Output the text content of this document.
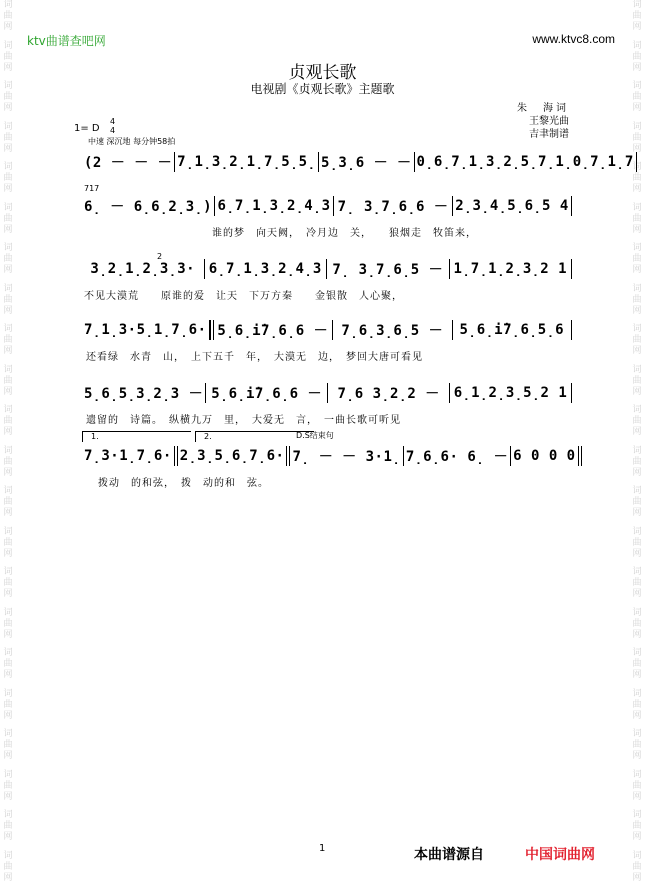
词
曲
网
词
曲
网
词
曲
网
词
曲
网
词
曲
网
词
曲
网
词
曲
网
词
曲
网
词
曲
网
词
曲
网
词
曲
网
词
曲
网
词
曲
网
词
曲
网
词
曲
网
词
曲
网
词
曲
网
词
曲
网
词
曲
网
词
曲
网
词
曲
网
词
曲
网
词
曲
网
词
曲
网
词
曲
网
词
曲
网
词
曲
网
词
曲
网
词
曲
网
词
曲
网
词
曲
网
词
曲
网
词
曲
网
词
曲
网
词
曲
网
词
曲
网
词
曲
网
词
曲
网
词
曲
网
词
曲
网
词
曲
网
词
曲
网
词
曲
网
词
曲
网
ktv曲谱查吧网	www.ktvc8.com
贞观长歌
电视剧《贞观长歌》主题歌
朱　海词
王黎光曲
吉聿制谱
1= D
4
4
中速 深沉地 每分钟58拍
717
2
1.	2.	D.S结束句
(2 － － － 7̣1̣3̣2̣1̣7̣5̣5̣ 5̣3̣6 － － 0̣6̣7̣1̣3̣2̣5̣7̣1̣0̣7̣1̣7
6̣ － 6̣6̣2̣3̣) 6̣7̣1̣3̣2̣4̣3 7̣ 3̣7̣6̣6 － 2̣3̣4̣5̣6̣5 4
3̣2̣1̣2̣3̣3· 6̣7̣1̣3̣2̣4̣3 7̣ 3̣7̣6̣5 － 1̣7̣1̣2̣3̣2 1
7̣1̣3·5̣1̣7̣6· 5̣6̣i̇7̣6̣6 － 7̣6̣3̣6̣5 －	5̣6̣i̇7̣6̣5̣6
5̣6̣5̣3̣2̣3 － 5̣6̣i̇7̣6̣6 －	7̣6 3̣2̣2 －	6̣1̣2̣3̣5̣2 1
7̣3·1̣7̣6· 2̣3̣5̣6̣7̣6· 7̣ － － 3·1̣ 7̣6̣6· 6̣ － 6 0 0 0
谁的梦　向天阙，　冷月边　关，　　狼烟走　牧笛来，
不见大漠荒　　原谁的爱　让天　下万方秦　　金银散　人心聚，
还看绿　水青　山，　上下五千　年，　大漠无　边，　梦回大唐可看见
遗留的　诗篇。　纵横九万　里，　大爱无　言，　一曲长歌可听见
拨动　的和弦，　拨　动的和　弦。
1	本曲谱源自	中国词曲网
